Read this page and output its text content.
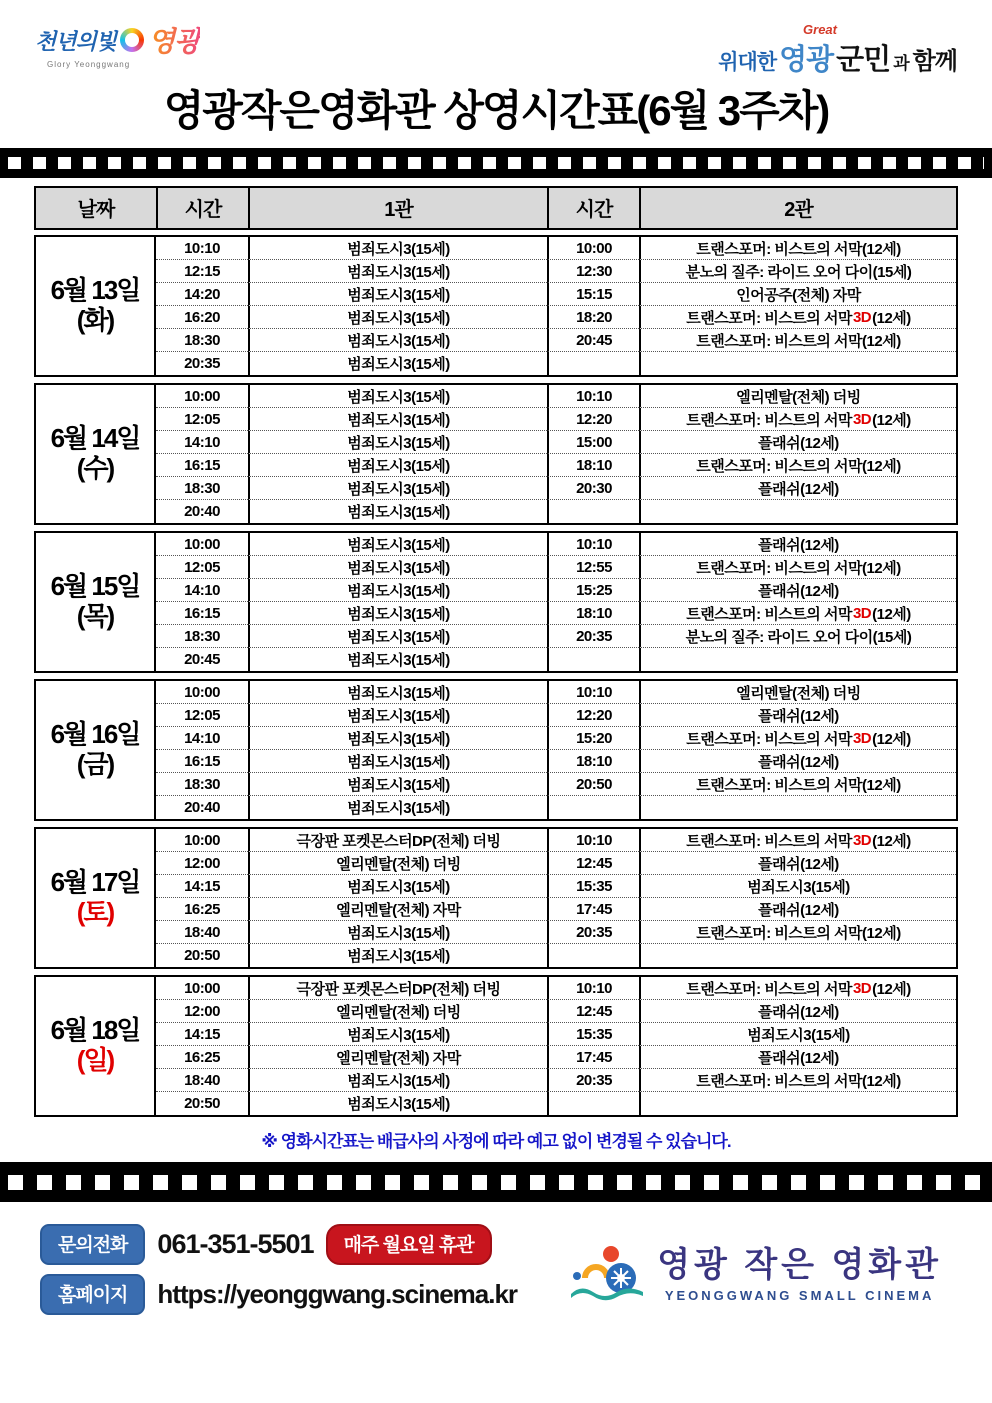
천년의빛 영광
Glory Yeonggwang
Great
위대한 영광 군민 과 함께
영광작은영화관 상영시간표(6월 3주차)
날짜	시간	1관	시간	2관
6월 13일
(화)
10:10	범죄도시3(15세)	10:00	트랜스포머: 비스트의 서막(12세)
12:15	범죄도시3(15세)	12:30	분노의 질주: 라이드 오어 다이(15세)
14:20	범죄도시3(15세)	15:15	인어공주(전체) 자막
16:20	범죄도시3(15세)	18:20	트랜스포머: 비스트의 서막 3D (12세)
18:30	범죄도시3(15세)	20:45	트랜스포머: 비스트의 서막(12세)
20:35	범죄도시3(15세)
6월 14일
(수)
10:00	범죄도시3(15세)	10:10	엘리멘탈(전체) 더빙
12:05	범죄도시3(15세)	12:20	트랜스포머: 비스트의 서막 3D (12세)
14:10	범죄도시3(15세)	15:00	플래쉬(12세)
16:15	범죄도시3(15세)	18:10	트랜스포머: 비스트의 서막(12세)
18:30	범죄도시3(15세)	20:30	플래쉬(12세)
20:40	범죄도시3(15세)
6월 15일
(목)
10:00	범죄도시3(15세)	10:10	플래쉬(12세)
12:05	범죄도시3(15세)	12:55	트랜스포머: 비스트의 서막(12세)
14:10	범죄도시3(15세)	15:25	플래쉬(12세)
16:15	범죄도시3(15세)	18:10	트랜스포머: 비스트의 서막 3D (12세)
18:30	범죄도시3(15세)	20:35	분노의 질주: 라이드 오어 다이(15세)
20:45	범죄도시3(15세)
6월 16일
(금)
10:00	범죄도시3(15세)	10:10	엘리멘탈(전체) 더빙
12:05	범죄도시3(15세)	12:20	플래쉬(12세)
14:10	범죄도시3(15세)	15:20	트랜스포머: 비스트의 서막 3D (12세)
16:15	범죄도시3(15세)	18:10	플래쉬(12세)
18:30	범죄도시3(15세)	20:50	트랜스포머: 비스트의 서막(12세)
20:40	범죄도시3(15세)
6월 17일
(토)
10:00	극장판 포켓몬스터DP(전체) 더빙	10:10	트랜스포머: 비스트의 서막 3D (12세)
12:00	엘리멘탈(전체) 더빙	12:45	플래쉬(12세)
14:15	범죄도시3(15세)	15:35	범죄도시3(15세)
16:25	엘리멘탈(전체) 자막	17:45	플래쉬(12세)
18:40	범죄도시3(15세)	20:35	트랜스포머: 비스트의 서막(12세)
20:50	범죄도시3(15세)
6월 18일
(일)
10:00	극장판 포켓몬스터DP(전체) 더빙	10:10	트랜스포머: 비스트의 서막 3D (12세)
12:00	엘리멘탈(전체) 더빙	12:45	플래쉬(12세)
14:15	범죄도시3(15세)	15:35	범죄도시3(15세)
16:25	엘리멘탈(전체) 자막	17:45	플래쉬(12세)
18:40	범죄도시3(15세)	20:35	트랜스포머: 비스트의 서막(12세)
20:50	범죄도시3(15세)
※ 영화시간표는 배급사의 사정에 따라 예고 없이 변경될 수 있습니다.
문의전화	061-351-5501	매주 월요일 휴관
홈페이지	https://yeonggwang.scinema.kr
영광 작은 영화관
YEONGGWANG SMALL CINEMA
